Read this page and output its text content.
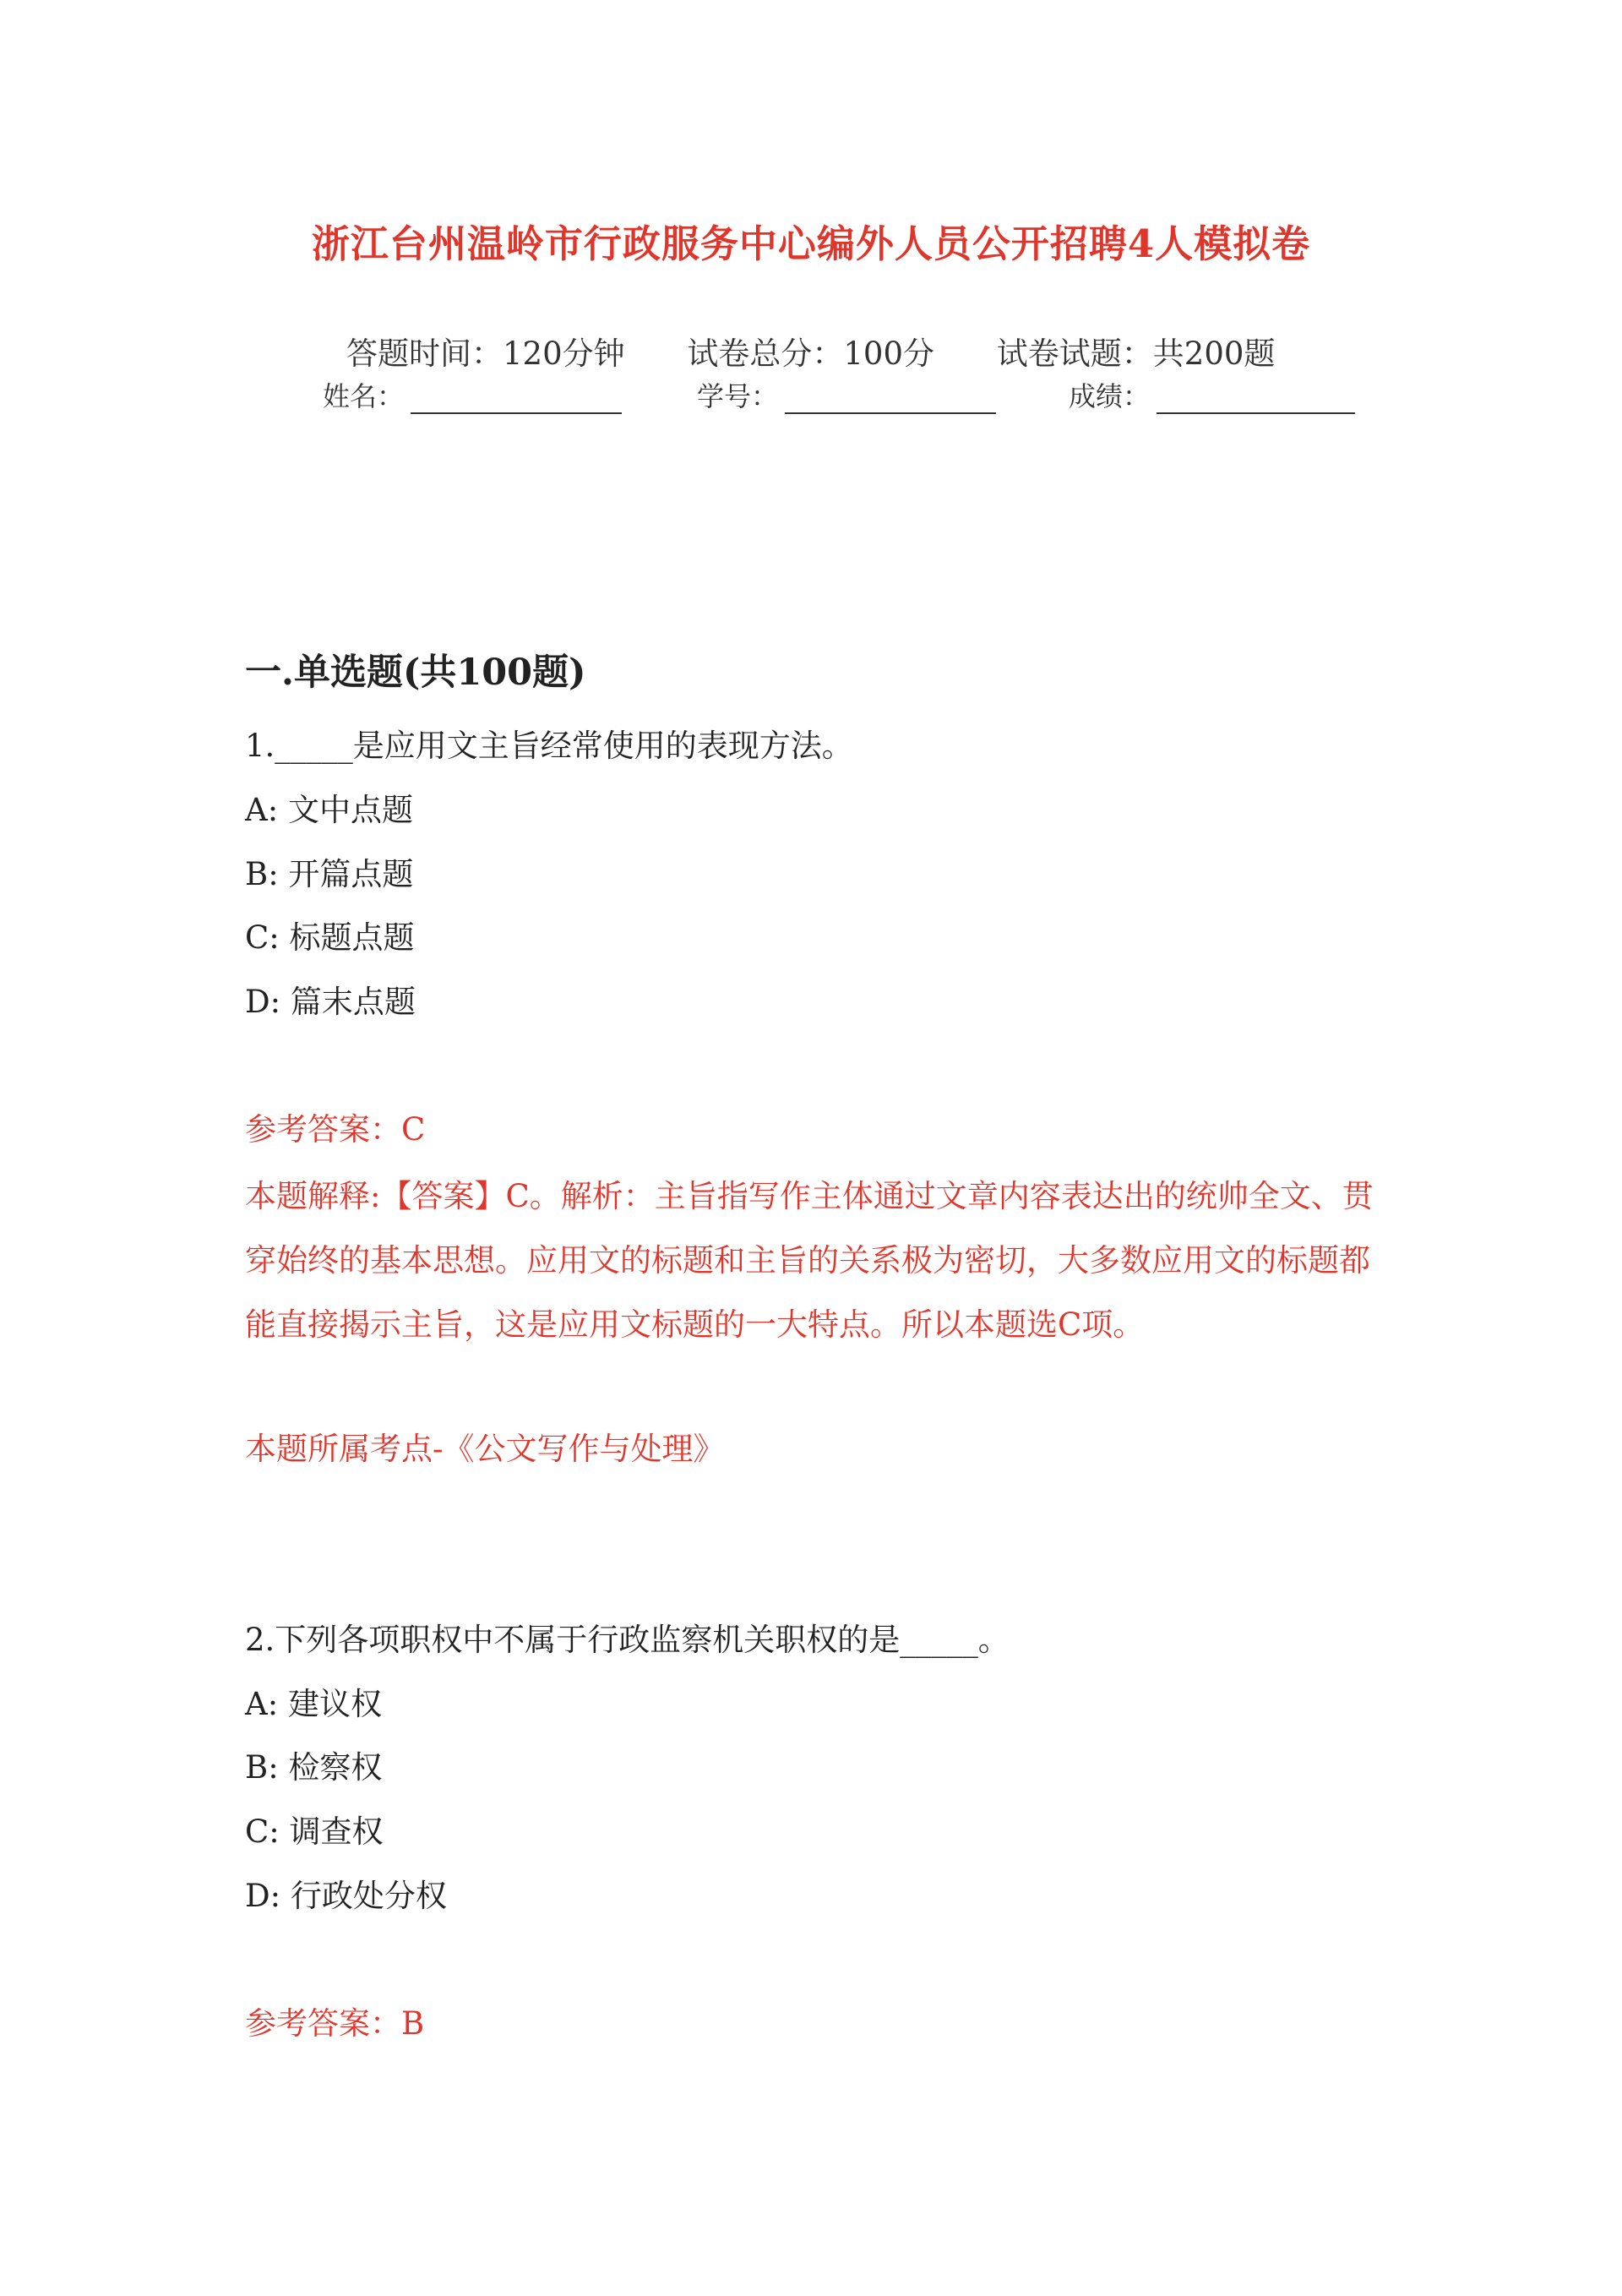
浙江台州温岭市行政服务中心编外人员公开招聘4人模拟卷
答题时间：120分钟 试卷总分：100分 试卷试题：共200题
姓名：	学号：	成绩：
一.单选题(共100题)
1._____是应用文主旨经常使用的表现方法。
A: 文中点题
B: 开篇点题
C: 标题点题
D: 篇末点题
参考答案：C
本题解释:【答案】C。解析：主旨指写作主体通过文章内容表达出的统帅全文、贯穿始终的基本思想。应用文的标题和主旨的关系极为密切，大多数应用文的标题都能直接揭示主旨，这是应用文标题的一大特点。所以本题选C项。
本题所属考点-《公文写作与处理》
2.下列各项职权中不属于行政监察机关职权的是_____。
A: 建议权
B: 检察权
C: 调查权
D: 行政处分权
参考答案：B
